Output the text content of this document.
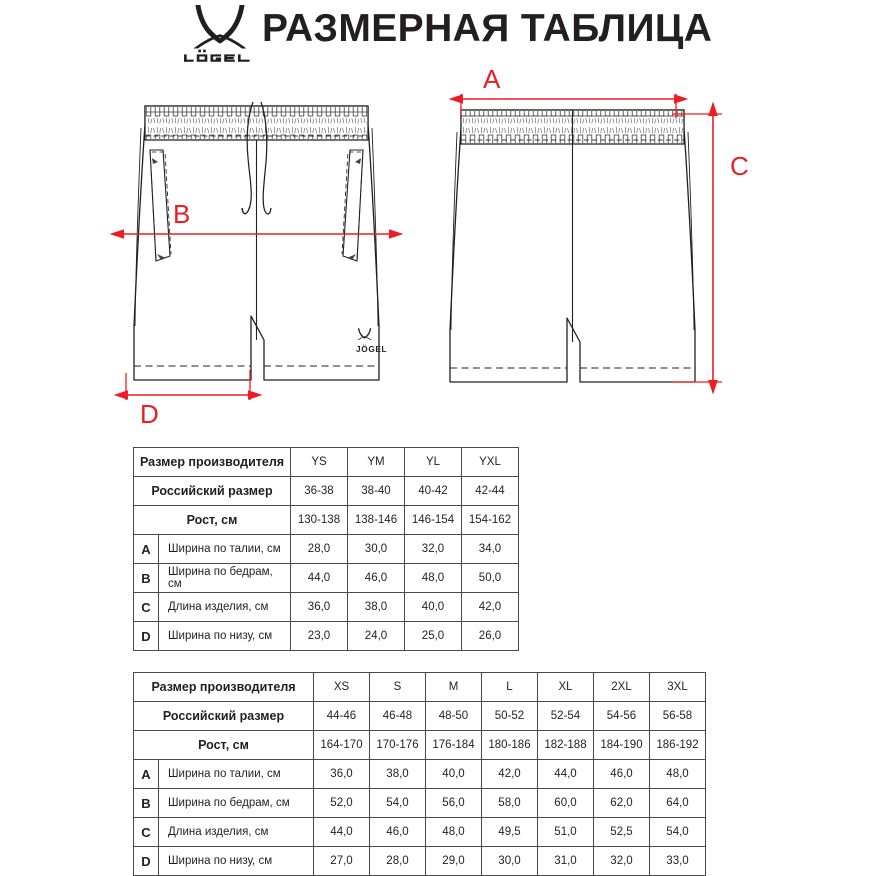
РАЗМЕРНАЯ ТАБЛИЦА
JÖGEL
B
D
A
C
Размер производителя		YS	YM	YL	YXL
Российский размер		36-38	38-40	40-42	42-44
Рост, см		130-138	138-146	146-154	154-162
A	Ширина по талии, см	28,0	30,0	32,0	34,0
B	Ширина по бедрам, см	44,0	46,0	48,0	50,0
C	Длина изделия, см	36,0	38,0	40,0	42,0
D	Ширина по низу, см	23,0	24,0	25,0	26,0
Размер производителя		XS	S	M	L	XL	2XL	3XL
Российский размер		44-46	46-48	48-50	50-52	52-54	54-56	56-58
Рост, см		164-170	170-176	176-184	180-186	182-188	184-190	186-192
A	Ширина по талии, см	36,0	38,0	40,0	42,0	44,0	46,0	48,0
B	Ширина по бедрам, см	52,0	54,0	56,0	58,0	60,0	62,0	64,0
C	Длина изделия, см	44,0	46,0	48,0	49,5	51,0	52,5	54,0
D	Ширина по низу, см	27,0	28,0	29,0	30,0	31,0	32,0	33,0
